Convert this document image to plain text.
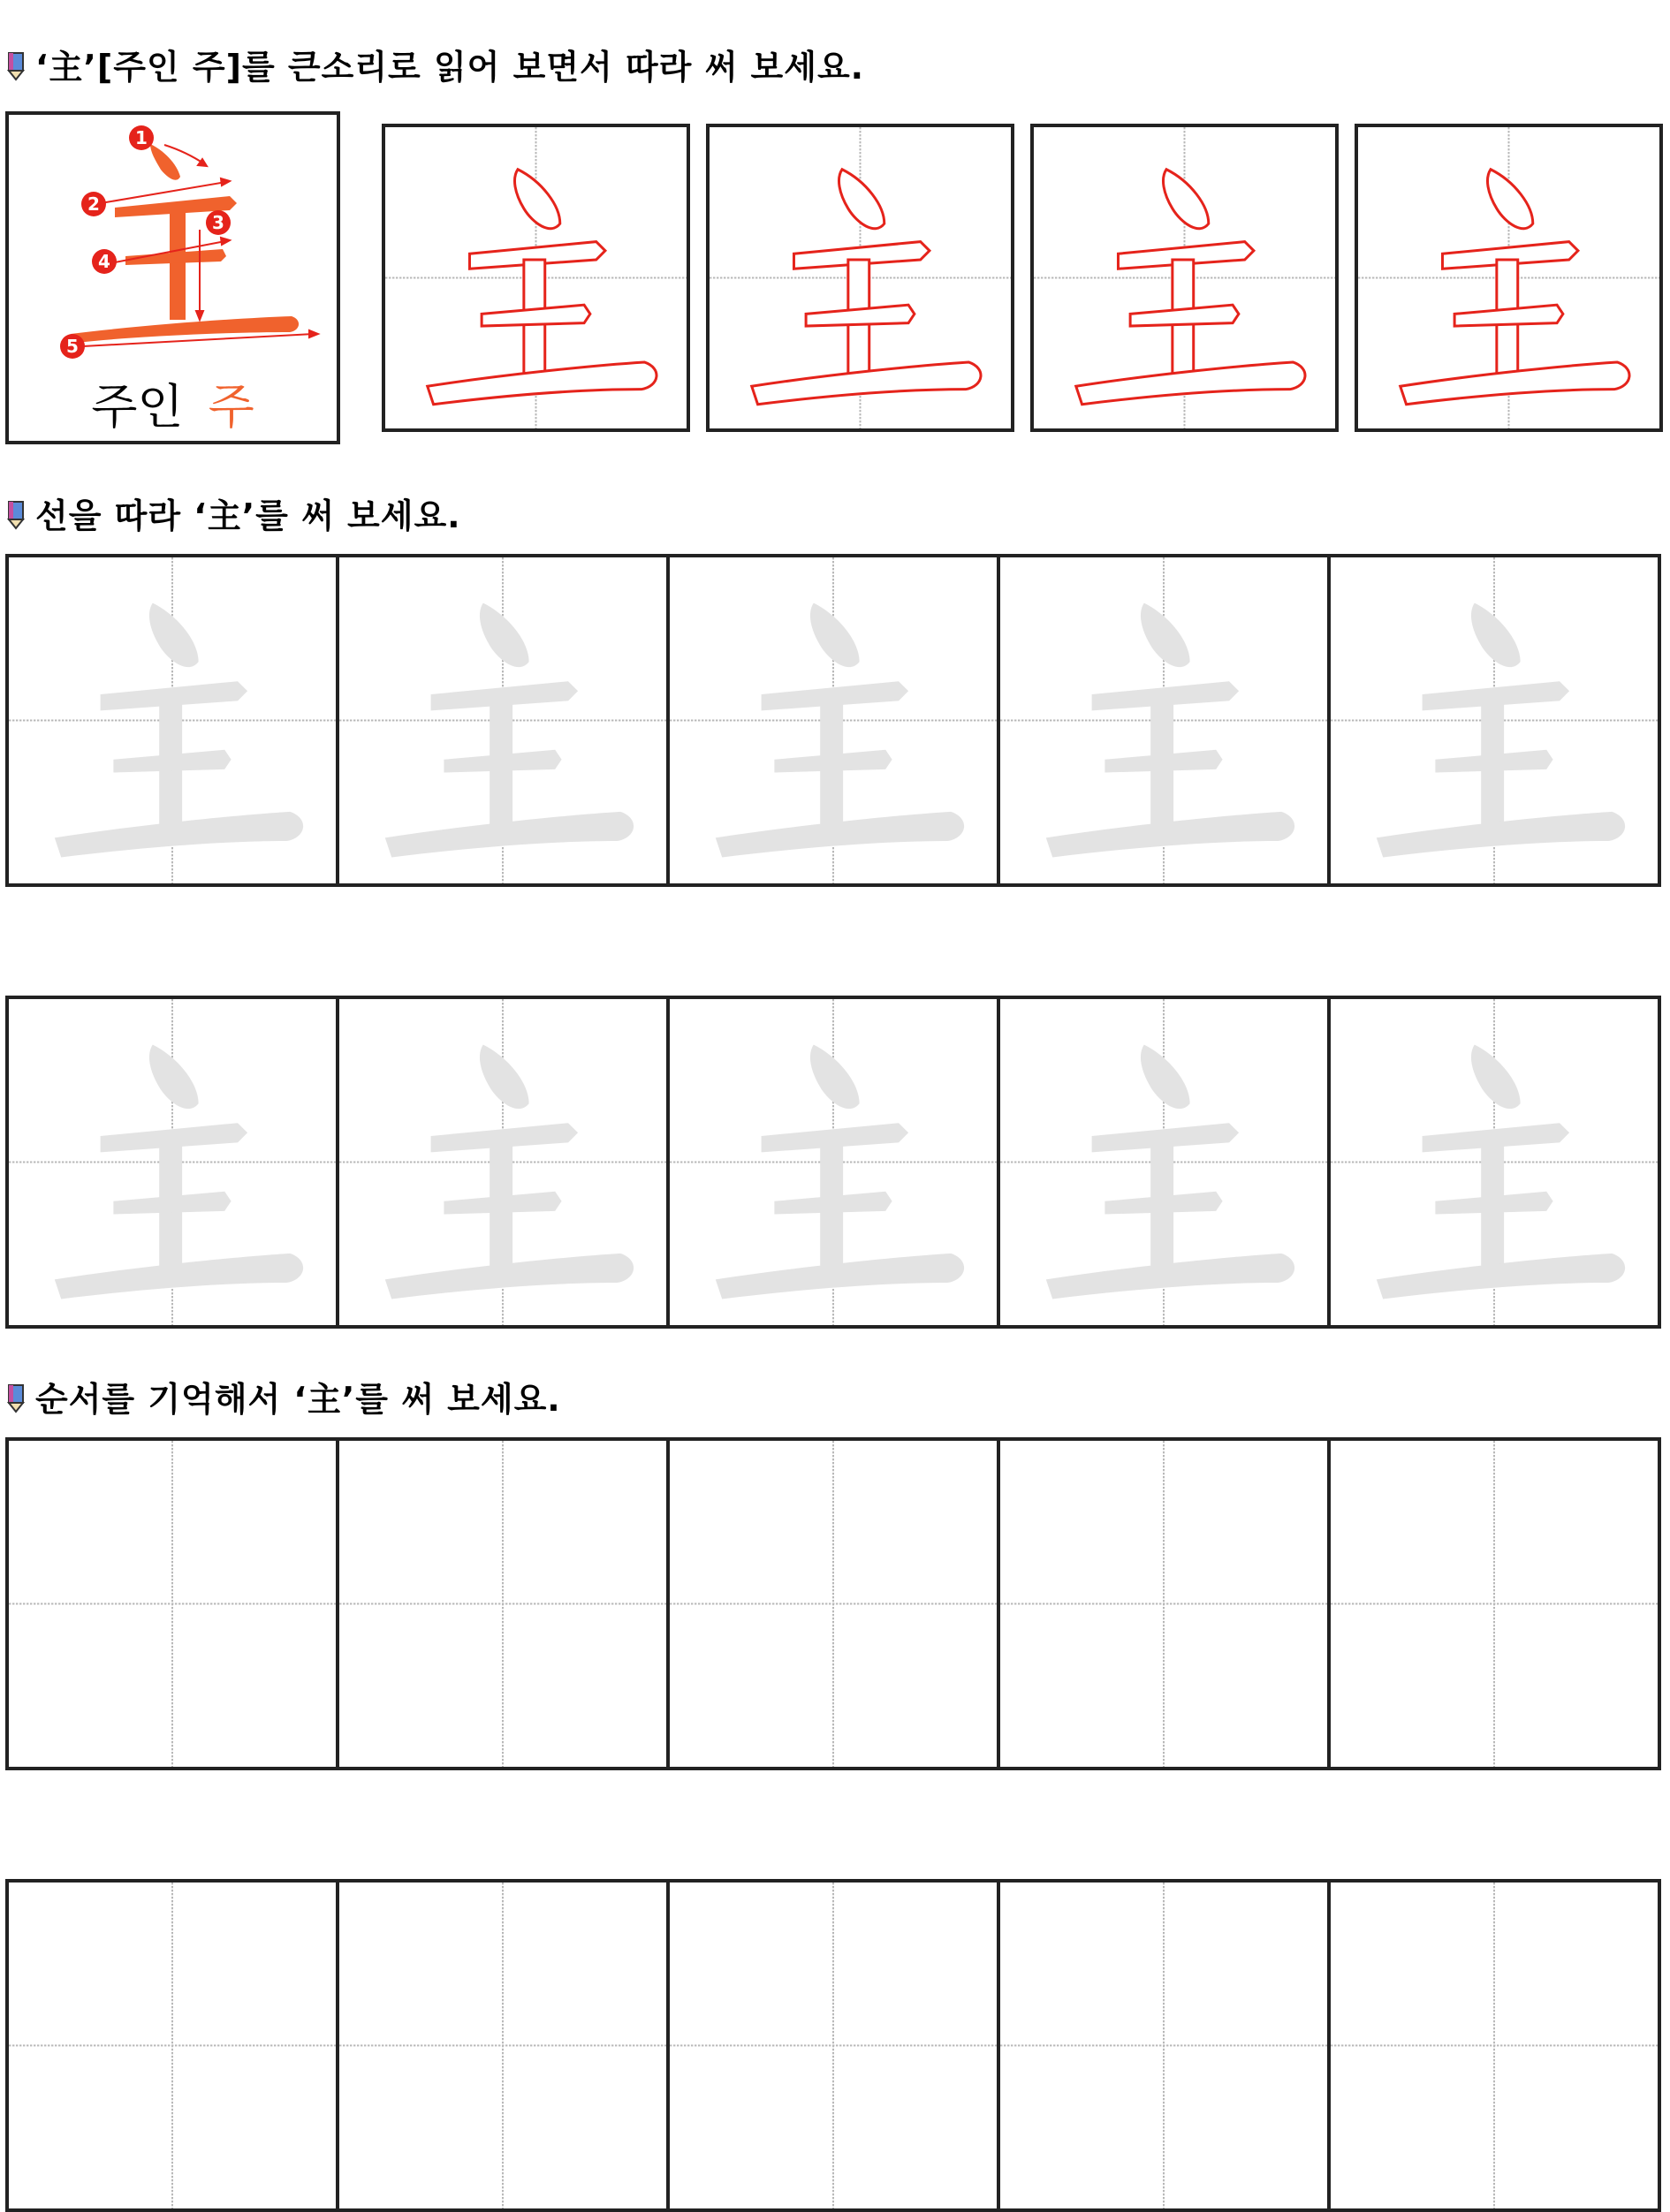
‘主’[주인 주]를 큰소리로 읽어 보면서 따라 써 보세요.
1
2
3
4
5
주인 주
선을 따라 ‘主’를 써 보세요.
순서를 기억해서 ‘主’를 써 보세요.
